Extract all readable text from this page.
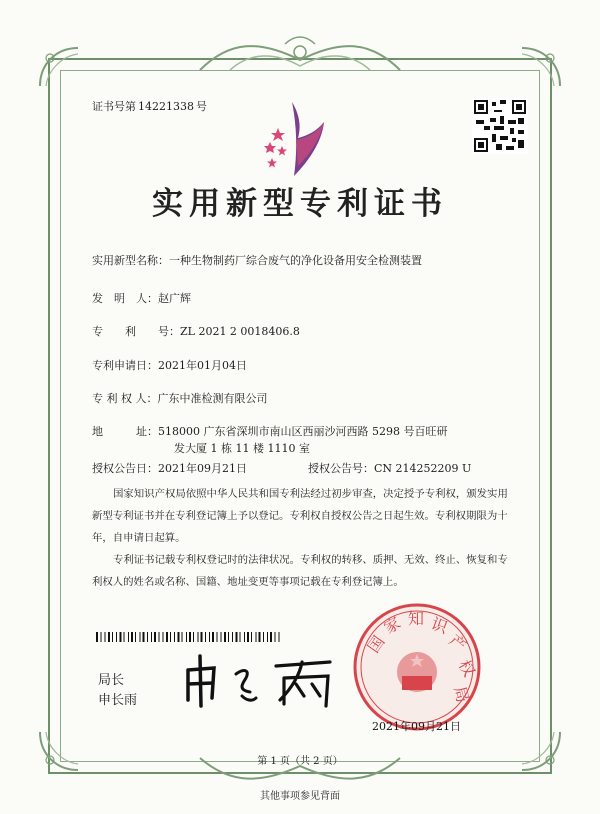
证书号第 14221338 号
实用新型专利证书
实用新型名称：一种生物制药厂综合废气的净化设备用安全检测装置
发　明　人：赵广辉
专　　利　　号：ZL 2021 2 0018406.8
专利申请日：2021年01月04日
专 利 权 人：广东中准检测有限公司
地　　　址：518000 广东省深圳市南山区西丽沙河西路 5298 号百旺研
发大厦 1 栋 11 楼 1110 室
授权公告日：2021年09月21日	授权公告号：CN 214252209 U
国家知识产权局依照中华人民共和国专利法经过初步审查，决定授予专利权，颁发实用新型专利证书并在专利登记簿上予以登记。专利权自授权公告之日起生效。专利权期限为十年，自申请日起算。
专利证书记载专利权登记时的法律状况。专利权的转移、质押、无效、终止、恢复和专利权人的姓名或名称、国籍、地址变更等事项记载在专利登记簿上。
局长
申长雨
国
家 知 识
产
权
局
2021年09月21日
第 1 页（共 2 页）
其他事项参见背面
